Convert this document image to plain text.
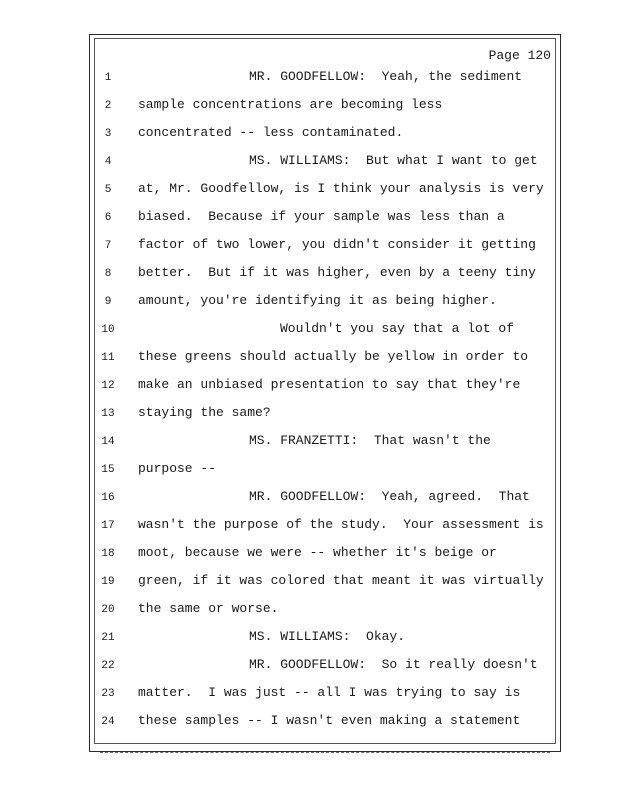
Page 120
1	MR. GOODFELLOW:  Yeah, the sediment
2	sample concentrations are becoming less
3	concentrated -- less contaminated.
4	MS. WILLIAMS:  But what I want to get
5	at, Mr. Goodfellow, is I think your analysis is very
6	biased.  Because if your sample was less than a
7	factor of two lower, you didn't consider it getting
8	better.  But if it was higher, even by a teeny tiny
9	amount, you're identifying it as being higher.
10	Wouldn't you say that a lot of
11 these greens should actually be yellow in order to
12 make an unbiased presentation to say that they're
13 staying the same?
14	MS. FRANZETTI:  That wasn't the
15 purpose --
16	MR. GOODFELLOW:  Yeah, agreed.  That
17 wasn't the purpose of the study.  Your assessment is
18 moot, because we were -- whether it's beige or
19 green, if it was colored that meant it was virtually
20 the same or worse.
21	MS. WILLIAMS:  Okay.
22	MR. GOODFELLOW:  So it really doesn't
23 matter.  I was just -- all I was trying to say is
24 these samples -- I wasn't even making a statement
